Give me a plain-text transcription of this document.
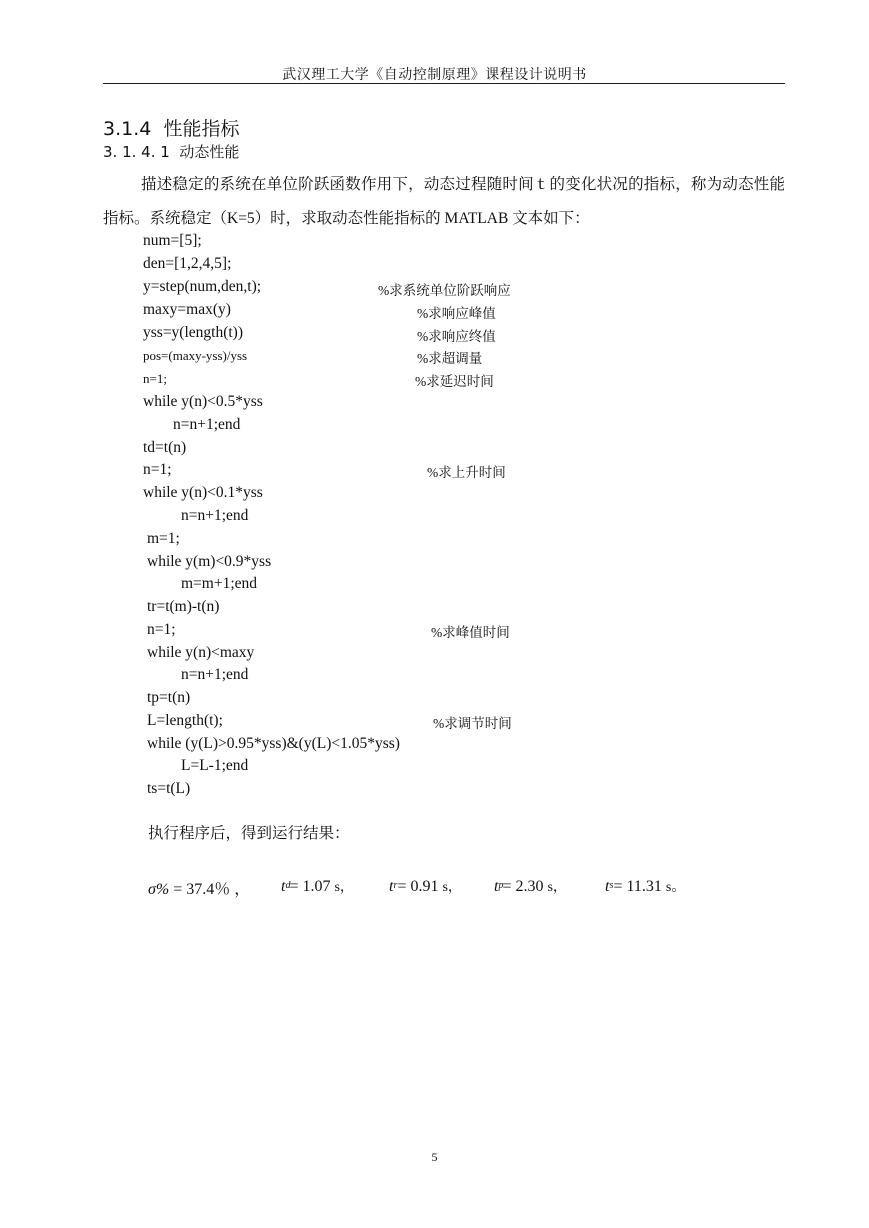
武汉理工大学《自动控制原理》课程设计说明书
3.1.4 性能指标
3. 1. 4. 1 动态性能
描述稳定的系统在单位阶跃函数作用下，动态过程随时间ｔ的变化状况的指标，称为动态性能指标。系统稳定（K=5）时，求取动态性能指标的 MATLAB 文本如下：
num=[5];
den=[1,2,4,5];
y=step(num,den,t);	%求系统单位阶跃响应
maxy=max(y)	%求响应峰值
yss=y(length(t))	%求响应终值
pos=(maxy-yss)/yss	%求超调量
n=1;	%求延迟时间
while y(n)<0.5*yss
n=n+1;end
td=t(n)
n=1;	%求上升时间
while y(n)<0.1*yss
n=n+1;end
m=1;
while y(m)<0.9*yss
m=m+1;end
tr=t(m)-t(n)
n=1;	%求峰值时间
while y(n)<maxy
n=n+1;end
tp=t(n)
L=length(t);	%求调节时间
while (y(L)>0.95*yss)&(y(L)<1.05*yss)
L=L-1;end
ts=t(L)
执行程序后，得到运行结果：
σ% = 37.4％ ， t d = 1.07 s， t r = 0.91 s， t p = 2.30 s， t s = 11.31 s。
5
